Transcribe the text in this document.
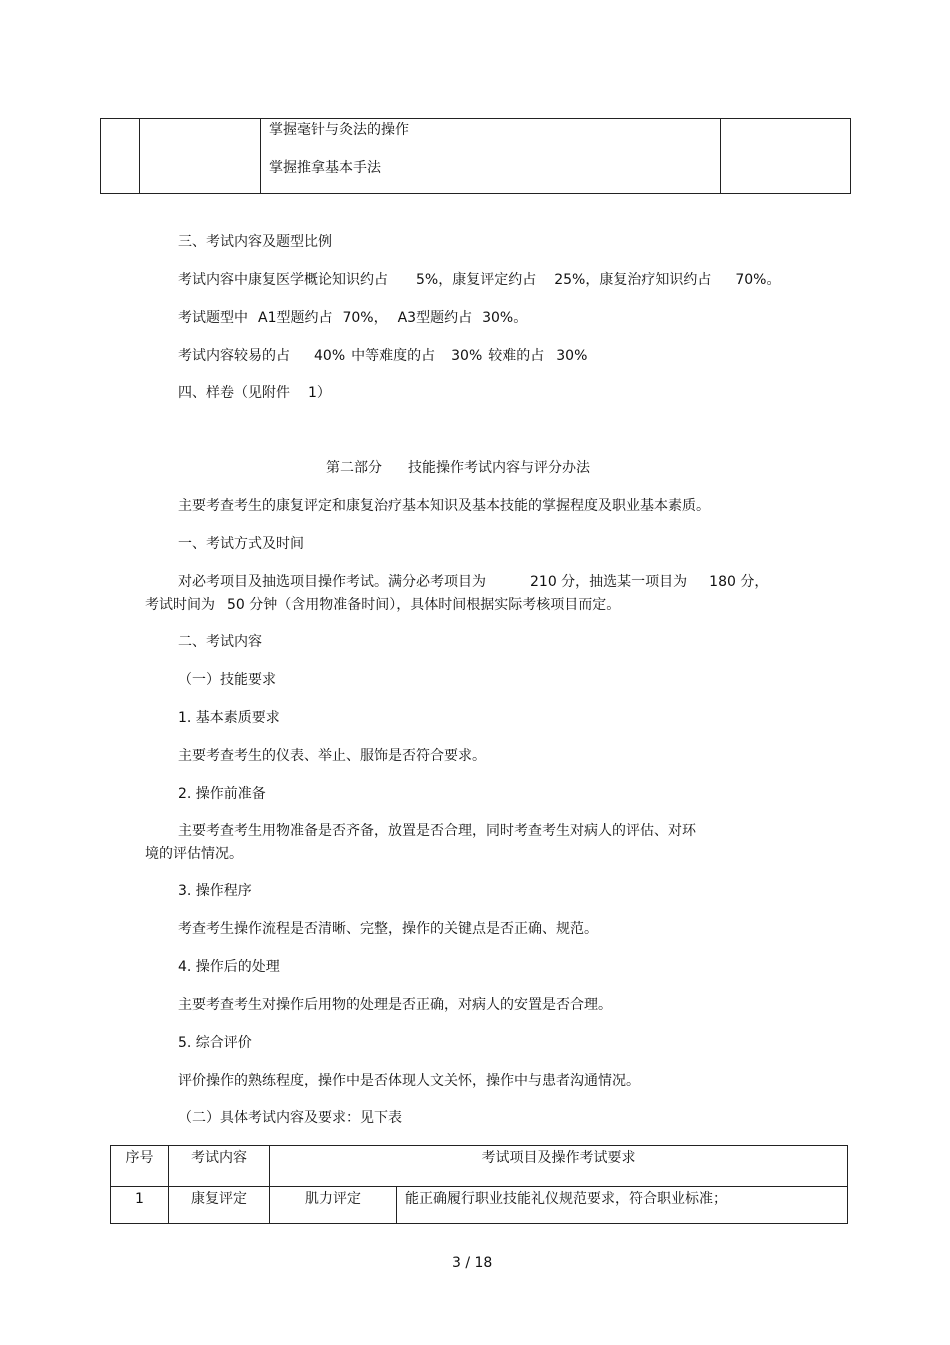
掌握毫针与灸法的操作
掌握推拿基本手法

三、考试内容及题型比例
考试内容中康复医学概论知识约占 5%，康复评定约占 25%，康复治疗知识约占 70%。
考试题型中 A1型题约占 70%， A3型题约占 30%。
考试内容较易的占 40% 中等难度的占 30% 较难的占 30%
四、样卷（见附件 1）
第二部分 技能操作考试内容与评分办法
主要考查考生的康复评定和康复治疗基本知识及基本技能的掌握程度及职业基本素质。
一、考试方式及时间
对必考项目及抽选项目操作考试。满分必考项目为	210 分，抽选某一项目为 180 分，
考试时间为 50 分钟（含用物准备时间），具体时间根据实际考核项目而定。
二、考试内容
（一）技能要求
1. 基本素质要求
主要考查考生的仪表、举止、服饰是否符合要求。
2. 操作前准备
主要考查考生用物准备是否齐备，放置是否合理，同时考查考生对病人的评估、对环
境的评估情况。
3. 操作程序
考查考生操作流程是否清晰、完整，操作的关键点是否正确、规范。
4. 操作后的处理
主要考查考生对操作后用物的处理是否正确，对病人的安置是否合理。
5. 综合评价
评价操作的熟练程度，操作中是否体现人文关怀，操作中与患者沟通情况。
（二）具体考试内容及要求：见下表
序号	考试内容	考试项目及操作考试要求	
1	康复评定	肌力评定	能正确履行职业技能礼仪规范要求，符合职业标准；
3 / 18
